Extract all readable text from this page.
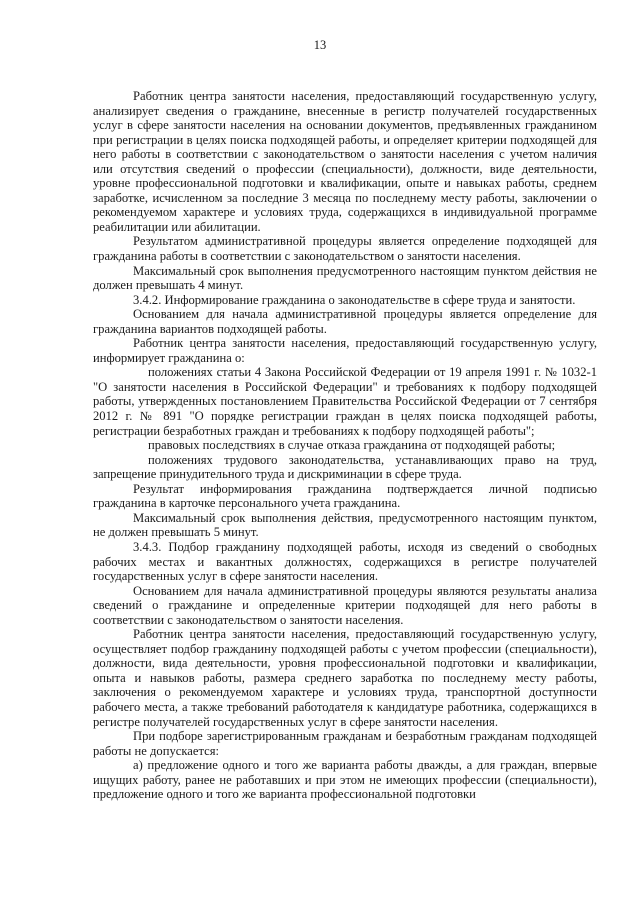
13

Работник центра занятости населения, предоставляющий государственную услугу, анализирует сведения о гражданине, внесенные в регистр получателей государственных услуг в сфере занятости населения на основании документов, предъявленных гражданином при регистрации в целях поиска подходящей работы, и определяет критерии подходящей для него работы в соответствии с законодательством о занятости населения с учетом наличия или отсутствия сведений о профессии (специальности), должности, виде деятельности, уровне профессиональной подготовки и квалификации, опыте и навыках работы, среднем заработке, исчисленном за последние 3 месяца по последнему месту работы, заключении о рекомендуемом характере и условиях труда, содержащихся в индивидуальной программе реабилитации или абилитации.

Результатом административной процедуры является определение подходящей для гражданина работы в соответствии с законодательством о занятости населения.

Максимальный срок выполнения предусмотренного настоящим пунктом действия не должен превышать 4 минут.

3.4.2. Информирование гражданина о законодательстве в сфере труда и занятости.

Основанием для начала административной процедуры является определение для гражданина вариантов подходящей работы.

Работник центра занятости населения, предоставляющий государственную услугу, информирует гражданина о:

положениях статьи 4 Закона Российской Федерации от 19 апреля 1991 г. № 1032-1 "О занятости населения в Российской Федерации" и требованиях к подбору подходящей работы, утвержденных постановлением Правительства Российской Федерации от 7 сентября 2012 г. № 891 "О порядке регистрации граждан в целях поиска подходящей работы, регистрации безработных граждан и требованиях к подбору подходящей работы";

правовых последствиях в случае отказа гражданина от подходящей работы;

положениях трудового законодательства, устанавливающих право на труд, запрещение принудительного труда и дискриминации в сфере труда.

Результат информирования гражданина подтверждается личной подписью гражданина в карточке персонального учета гражданина.

Максимальный срок выполнения действия, предусмотренного настоящим пунктом, не должен превышать 5 минут.

3.4.3. Подбор гражданину подходящей работы, исходя из сведений о свободных рабочих местах и вакантных должностях, содержащихся в регистре получателей государственных услуг в сфере занятости населения.

Основанием для начала административной процедуры являются результаты анализа сведений о гражданине и определенные критерии подходящей для него работы в соответствии с законодательством о занятости населения.

Работник центра занятости населения, предоставляющий государственную услугу, осуществляет подбор гражданину подходящей работы с учетом профессии (специальности), должности, вида деятельности, уровня профессиональной подготовки и квалификации, опыта и навыков работы, размера среднего заработка по последнему месту работы, заключения о рекомендуемом характере и условиях труда, транспортной доступности рабочего места, а также требований работодателя к кандидатуре работника, содержащихся в регистре получателей государственных услуг в сфере занятости населения.

При подборе зарегистрированным гражданам и безработным гражданам подходящей работы не допускается:

а) предложение одного и того же варианта работы дважды, а для граждан, впервые ищущих работу, ранее не работавших и при этом не имеющих профессии (специальности), предложение одного и того же варианта профессиональной подготовки
